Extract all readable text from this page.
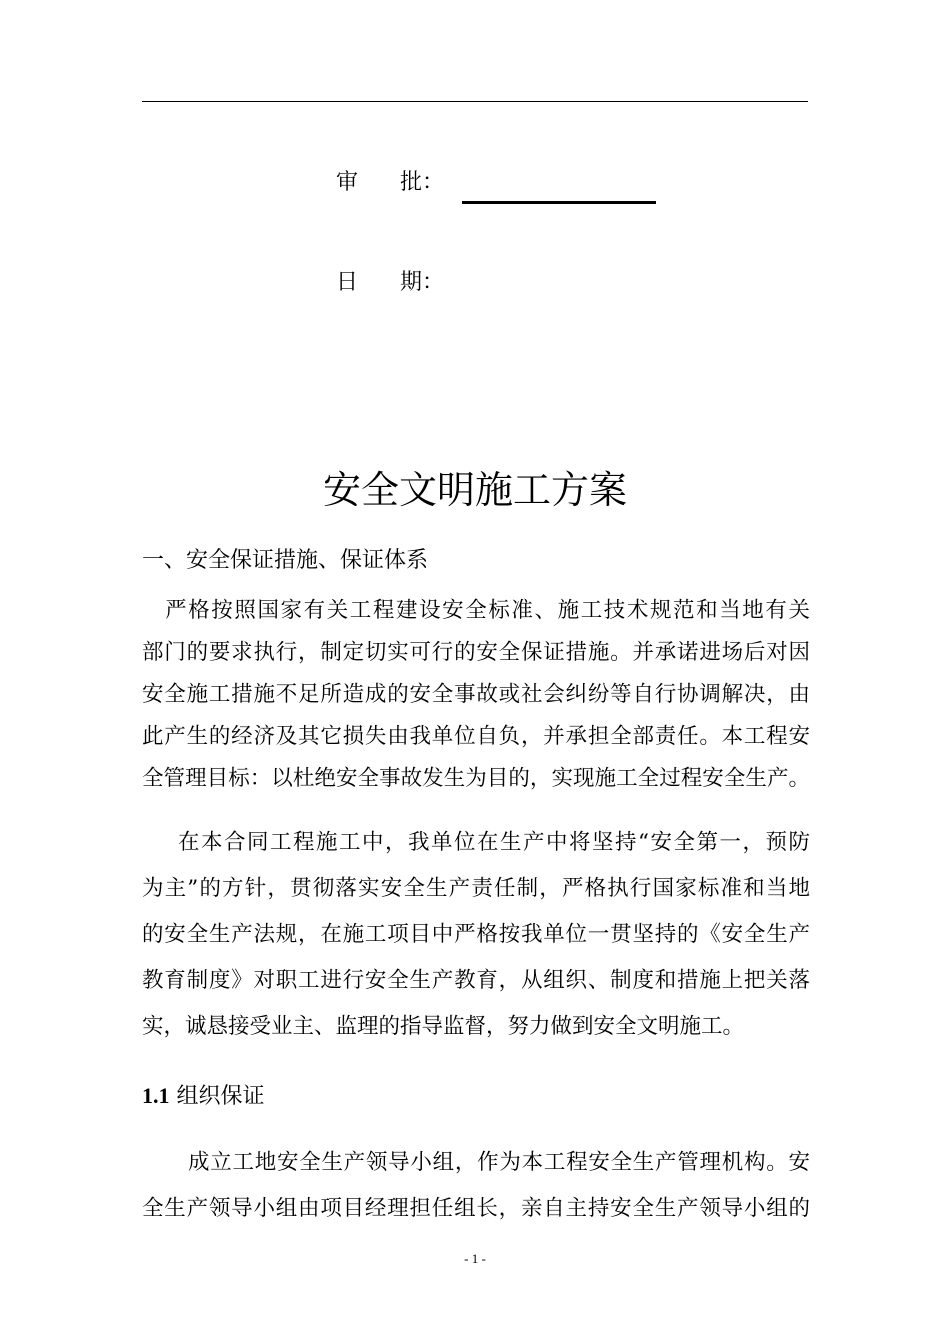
审      批：
日      期：
安全文明施工方案
一、安全保证措施、保证体系
　严格按照国家有关工程建设安全标准、施工技术规范和当地有关
部门的要求执行，制定切实可行的安全保证措施。并承诺进场后对因
安全施工措施不足所造成的安全事故或社会纠纷等自行协调解决，由
此产生的经济及其它损失由我单位自负，并承担全部责任。本工程安
全管理目标：以杜绝安全事故发生为目的，实现施工全过程安全生产。
在本合同工程施工中，我单位在生产中将坚持“安全第一，预防
为主”的方针，贯彻落实安全生产责任制，严格执行国家标准和当地
的安全生产法规，在施工项目中严格按我单位一贯坚持的《安全生产
教育制度》对职工进行安全生产教育，从组织、制度和措施上把关落
实，诚恳接受业主、监理的指导监督，努力做到安全文明施工。
1.1 组织保证
成立工地安全生产领导小组，作为本工程安全生产管理机构。安
全生产领导小组由项目经理担任组长，亲自主持安全生产领导小组的
- 1 -
